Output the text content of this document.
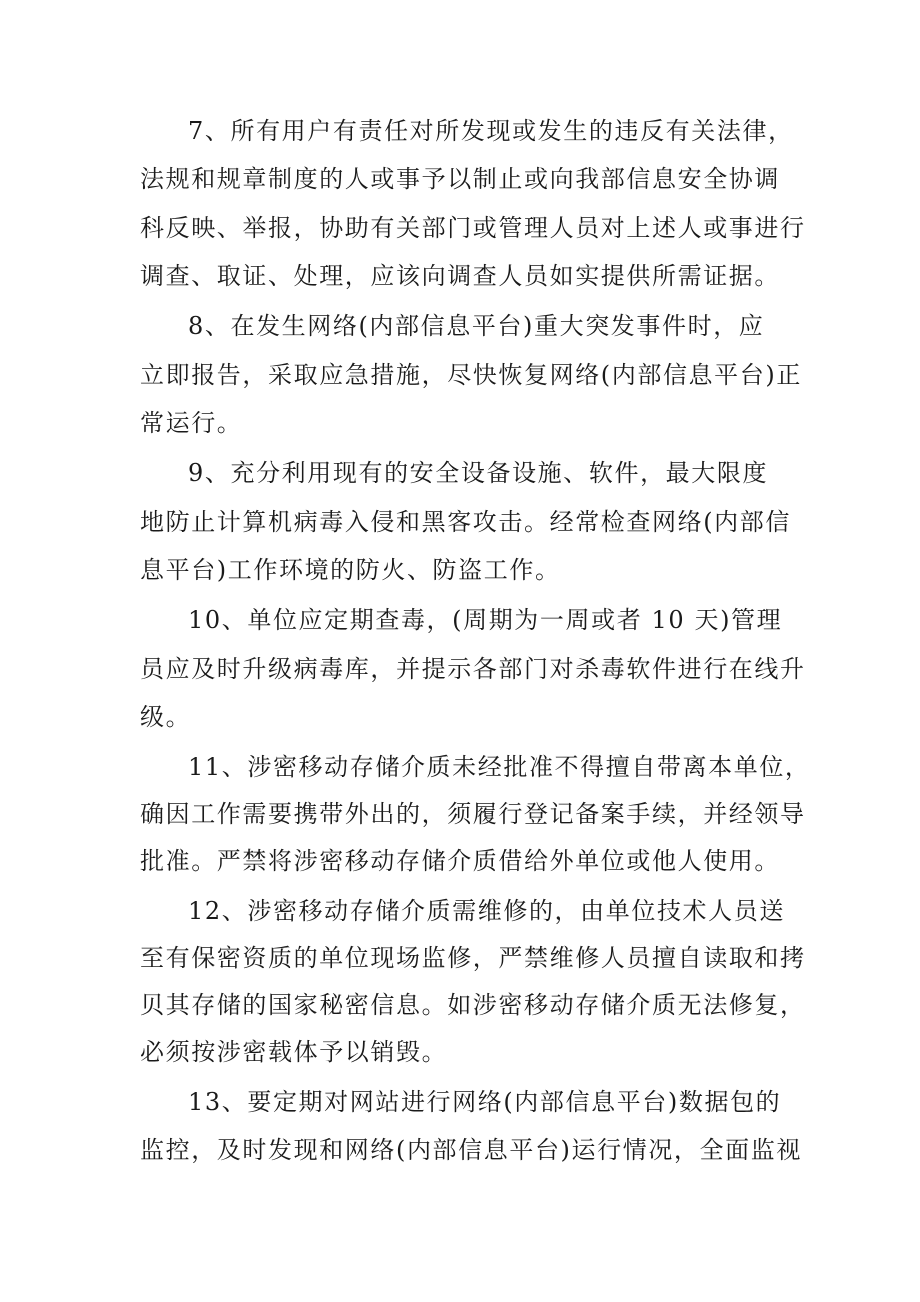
7、所有用户有责任对所发现或发生的违反有关法律，
法规和规章制度的人或事予以制止或向我部信息安全协调
科反映、举报，协助有关部门或管理人员对上述人或事进行
调查、取证、处理，应该向调查人员如实提供所需证据。
8、在发生网络(内部信息平台)重大突发事件时，应
立即报告，采取应急措施，尽快恢复网络(内部信息平台)正
常运行。
9、充分利用现有的安全设备设施、软件，最大限度
地防止计算机病毒入侵和黑客攻击。经常检查网络(内部信
息平台)工作环境的防火、防盗工作。
10、单位应定期查毒，(周期为一周或者 10 天)管理
员应及时升级病毒库，并提示各部门对杀毒软件进行在线升
级。
11、涉密移动存储介质未经批准不得擅自带离本单位，
确因工作需要携带外出的，须履行登记备案手续，并经领导
批准。严禁将涉密移动存储介质借给外单位或他人使用。
12、涉密移动存储介质需维修的，由单位技术人员送
至有保密资质的单位现场监修，严禁维修人员擅自读取和拷
贝其存储的国家秘密信息。如涉密移动存储介质无法修复，
必须按涉密载体予以销毁。
13、要定期对网站进行网络(内部信息平台)数据包的
监控，及时发现和网络(内部信息平台)运行情况，全面监视
